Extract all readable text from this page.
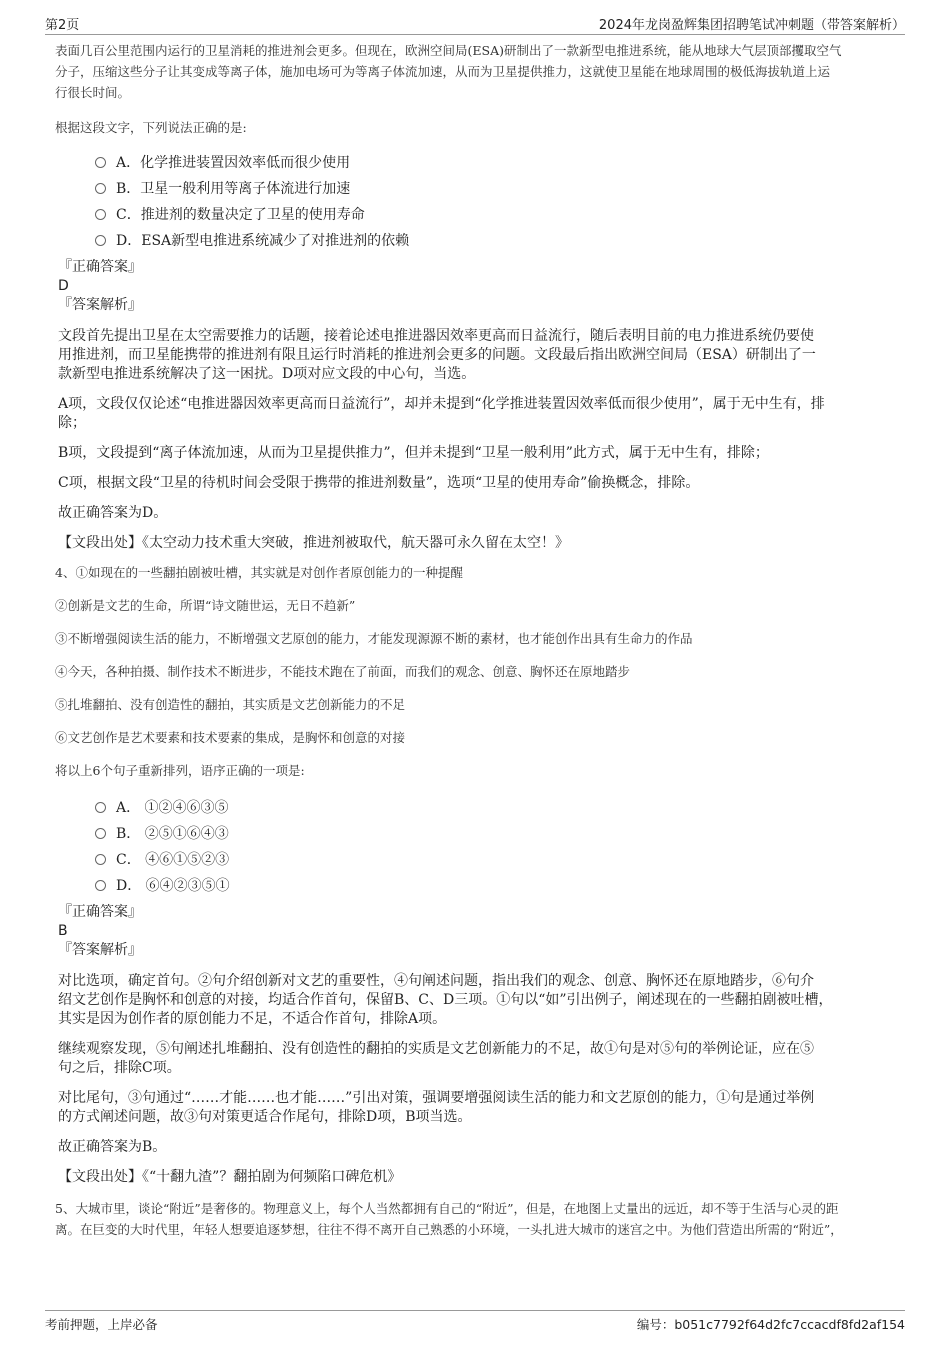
第2页	2024年龙岗盈辉集团招聘笔试冲刺题（带答案解析）

表面几百公里范围内运行的卫星消耗的推进剂会更多。但现在，欧洲空间局(ESA)研制出了一款新型电推进系统，能从地球大气层顶部攫取空气

分子，压缩这些分子让其变成等离子体，施加电场可为等离子体流加速，从而为卫星提供推力，这就使卫星能在地球周围的极低海拔轨道上运

行很长时间。

根据这段文字，下列说法正确的是:

A．化学推进装置因效率低而很少使用
B．卫星一般利用等离子体流进行加速
C．推进剂的数量决定了卫星的使用寿命
D．ESA新型电推进系统减少了对推进剂的依赖

『正确答案』

D

『答案解析』

文段首先提出卫星在太空需要推力的话题，接着论述电推进器因效率更高而日益流行，随后表明目前的电力推进系统仍要使

用推进剂，而卫星能携带的推进剂有限且运行时消耗的推进剂会更多的问题。文段最后指出欧洲空间局（ESA）研制出了一

款新型电推进系统解决了这一困扰。D项对应文段的中心句，当选。

A项，文段仅仅论述“电推进器因效率更高而日益流行”，却并未提到“化学推进装置因效率低而很少使用”，属于无中生有，排

除；

B项，文段提到“离子体流加速，从而为卫星提供推力”，但并未提到“卫星一般利用”此方式，属于无中生有，排除；

C项，根据文段“卫星的待机时间会受限于携带的推进剂数量”，选项“卫星的使用寿命”偷换概念，排除。

故正确答案为D。

【文段出处】《太空动力技术重大突破，推进剂被取代，航天器可永久留在太空！》

4、①如现在的一些翻拍剧被吐槽，其实就是对创作者原创能力的一种提醒

②创新是文艺的生命，所谓“诗文随世运，无日不趋新”

③不断增强阅读生活的能力，不断增强文艺原创的能力，才能发现源源不断的素材，也才能创作出具有生命力的作品

④今天，各种拍摄、制作技术不断进步，不能技术跑在了前面，而我们的观念、创意、胸怀还在原地踏步

⑤扎堆翻拍、没有创造性的翻拍，其实质是文艺创新能力的不足

⑥文艺创作是艺术要素和技术要素的集成，是胸怀和创意的对接

将以上6个句子重新排列，语序正确的一项是:

A． ①②④⑥③⑤
B． ②⑤①⑥④③
C． ④⑥①⑤②③
D． ⑥④②③⑤①

『正确答案』

B

『答案解析』

对比选项，确定首句。②句介绍创新对文艺的重要性，④句阐述问题，指出我们的观念、创意、胸怀还在原地踏步，⑥句介

绍文艺创作是胸怀和创意的对接，均适合作首句，保留B、C、D三项。①句以“如”引出例子，阐述现在的一些翻拍剧被吐槽，

其实是因为创作者的原创能力不足，不适合作首句，排除A项。

继续观察发现，⑤句阐述扎堆翻拍、没有创造性的翻拍的实质是文艺创新能力的不足，故①句是对⑤句的举例论证，应在⑤

句之后，排除C项。

对比尾句，③句通过“……才能……也才能……”引出对策，强调要增强阅读生活的能力和文艺原创的能力，①句是通过举例

的方式阐述问题，故③句对策更适合作尾句，排除D项，B项当选。

故正确答案为B。

【文段出处】《“十翻九渣”？翻拍剧为何频陷口碑危机》

5、大城市里，谈论“附近”是奢侈的。物理意义上，每个人当然都拥有自己的“附近”，但是，在地图上丈量出的远近，却不等于生活与心灵的距

离。在巨变的大时代里，年轻人想要追逐梦想，往往不得不离开自己熟悉的小环境，一头扎进大城市的迷宫之中。为他们营造出所需的“附近”，

考前押题，上岸必备	编号：b051c7792f64d2fc7ccacdf8fd2af154
